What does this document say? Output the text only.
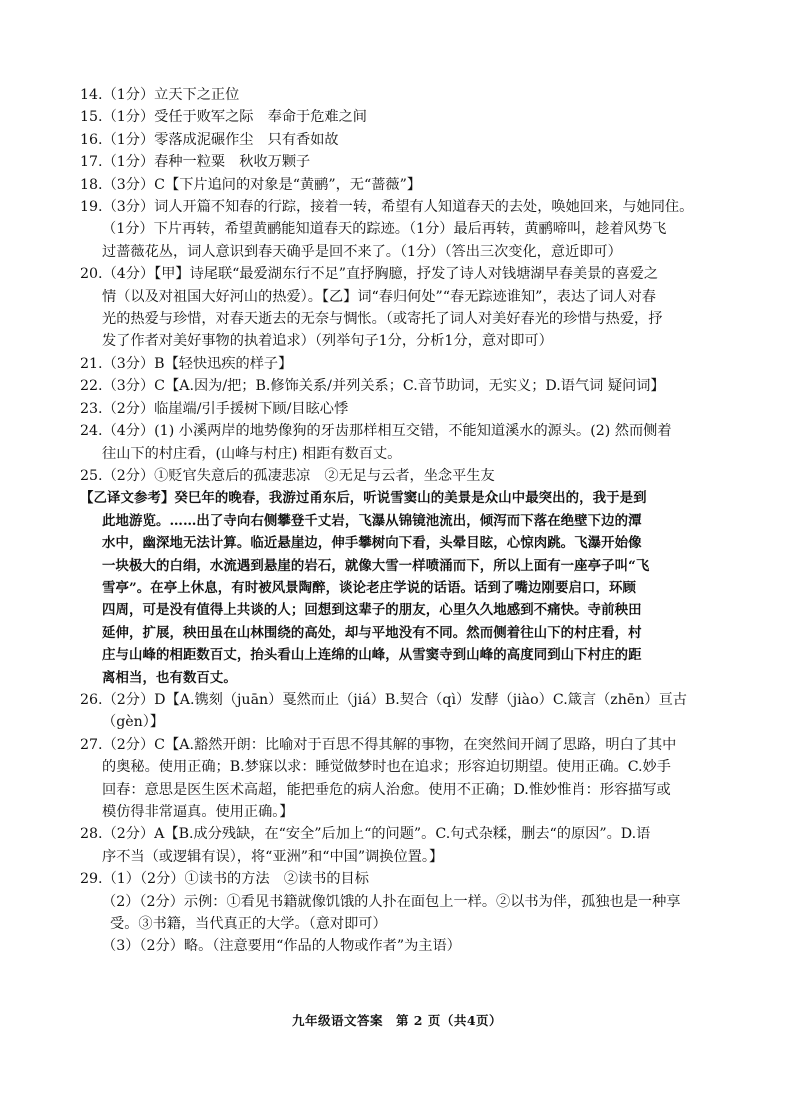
14.（1分）立天下之正位
15.（1分）受任于败军之际　奉命于危难之间
16.（1分）零落成泥碾作尘　只有香如故
17.（1分）春种一粒粟　秋收万颗子
18.（3分）C【下片追问的对象是“黄鹂”，无“蔷薇”】
19.（3分）词人开篇不知春的行踪，接着一转，希望有人知道春天的去处，唤她回来，与她同住。
（1分）下片再转，希望黄鹂能知道春天的踪迹。（1分）最后再转，黄鹂啼叫，趁着风势飞
过蔷薇花丛，词人意识到春天确乎是回不来了。（1分）（答出三次变化，意近即可）
20.（4分）【甲】诗尾联“最爱湖东行不足”直抒胸臆，抒发了诗人对钱塘湖早春美景的喜爱之
情（以及对祖国大好河山的热爱）。【乙】词“春归何处”“春无踪迹谁知”，表达了词人对春
光的热爱与珍惜，对春天逝去的无奈与惆怅。（或寄托了词人对美好春光的珍惜与热爱，抒
发了作者对美好事物的执着追求）（列举句子1分，分析1分，意对即可）
21.（3分）B【轻快迅疾的样子】
22.（3分）C【A.因为/把；B.修饰关系/并列关系；C.音节助词，无实义；D.语气词 疑问词】
23.（2分）临崖端/引手援树下顾/目眩心悸
24.（4分）(1) 小溪两岸的地势像狗的牙齿那样相互交错，不能知道溪水的源头。(2) 然而侧着
往山下的村庄看，(山峰与村庄) 相距有数百丈。
25.（2分）①贬官失意后的孤凄悲凉　②无足与云者，坐念平生友
【乙译文参考】癸巳年的晚春，我游过甬东后，听说雪窦山的美景是众山中最突出的，我于是到
此地游览。……出了寺向右侧攀登千丈岩，飞瀑从锦镜池流出，倾泻而下落在绝壁下边的潭
水中，幽深地无法计算。临近悬崖边，伸手攀树向下看，头晕目眩，心惊肉跳。飞瀑开始像
一块极大的白绢，水流遇到悬崖的岩石，就像大雪一样喷涌而下，所以上面有一座亭子叫“飞
雪亭”。在亭上休息，有时被风景陶醉，谈论老庄学说的话语。话到了嘴边刚要启口，环顾
四周，可是没有值得上共谈的人；回想到这辈子的朋友，心里久久地感到不痛快。寺前秧田
延伸，扩展，秧田虽在山林围绕的高处，却与平地没有不同。然而侧着往山下的村庄看，村
庄与山峰的相距数百丈，抬头看山上连绵的山峰，从雪窦寺到山峰的高度同到山下村庄的距
离相当，也有数百丈。
26.（2分）D【A.镌刻（juān）戛然而止（jiá）B.契合（qì）发酵（jiào）C.箴言（zhēn）亘古
（gèn）】
27.（2分）C【A.豁然开朗：比喻对于百思不得其解的事物，在突然间开阔了思路，明白了其中
的奥秘。使用正确；B.梦寐以求：睡觉做梦时也在追求；形容迫切期望。使用正确。C.妙手
回春：意思是医生医术高超，能把垂危的病人治愈。使用不正确；D.惟妙惟肖：形容描写或
模仿得非常逼真。使用正确。】
28.（2分）A【B.成分残缺，在“安全”后加上“的问题”。C.句式杂糅，删去“的原因”。D.语
序不当（或逻辑有误），将“亚洲”和“中国”调换位置。】
29.（1）（2分）①读书的方法　②读书的目标
（2）（2分）示例：①看见书籍就像饥饿的人扑在面包上一样。②以书为伴，孤独也是一种享
受。③书籍，当代真正的大学。（意对即可）
（3）（2分）略。（注意要用“作品的人物或作者”为主语）
九年级语文答案　第 2 页（共4页）
